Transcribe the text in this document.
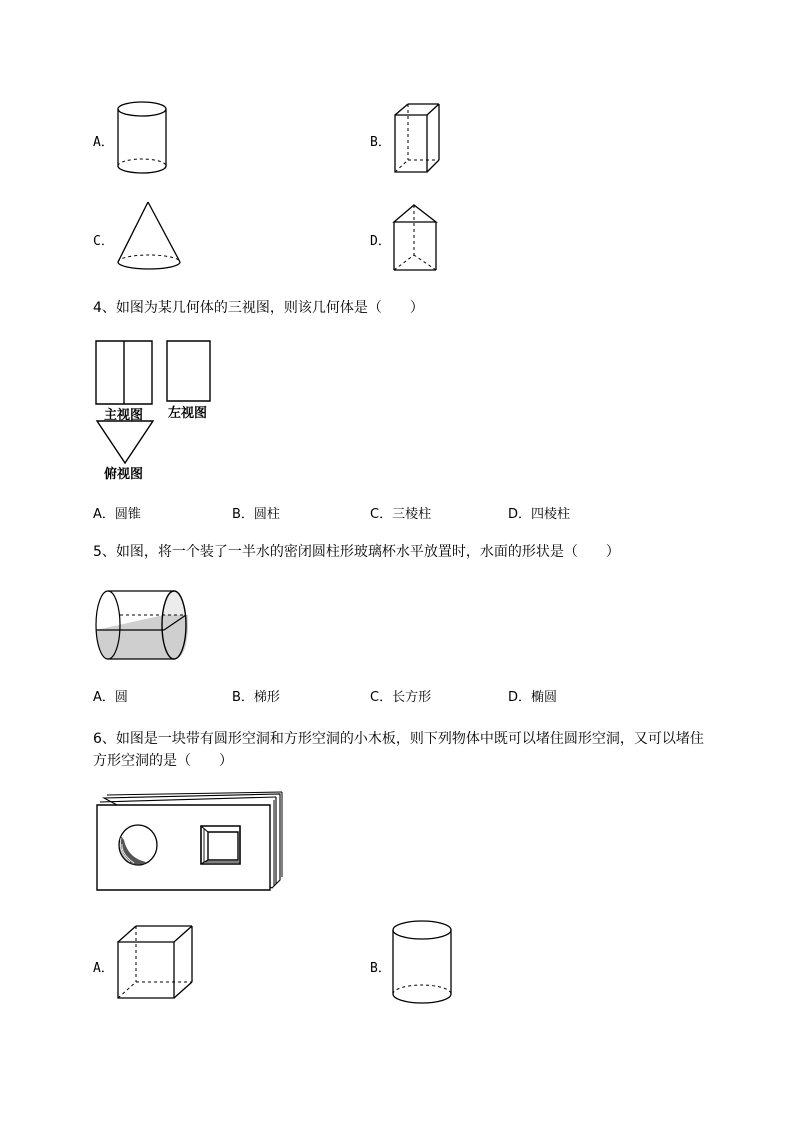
A．	B．
C．	D．
4、如图为某几何体的三视图，则该几何体是（　　）
主视图 左视图
俯视图
A．圆锥	B．圆柱	C．三棱柱	D．四棱柱
5、如图，将一个装了一半水的密闭圆柱形玻璃杯水平放置时，水面的形状是（　　）
A．圆	B．梯形	C．长方形	D．椭圆
6、如图是一块带有圆形空洞和方形空洞的小木板，则下列物体中既可以堵住圆形空洞，又可以堵住
方形空洞的是（　　）
A．	B．
